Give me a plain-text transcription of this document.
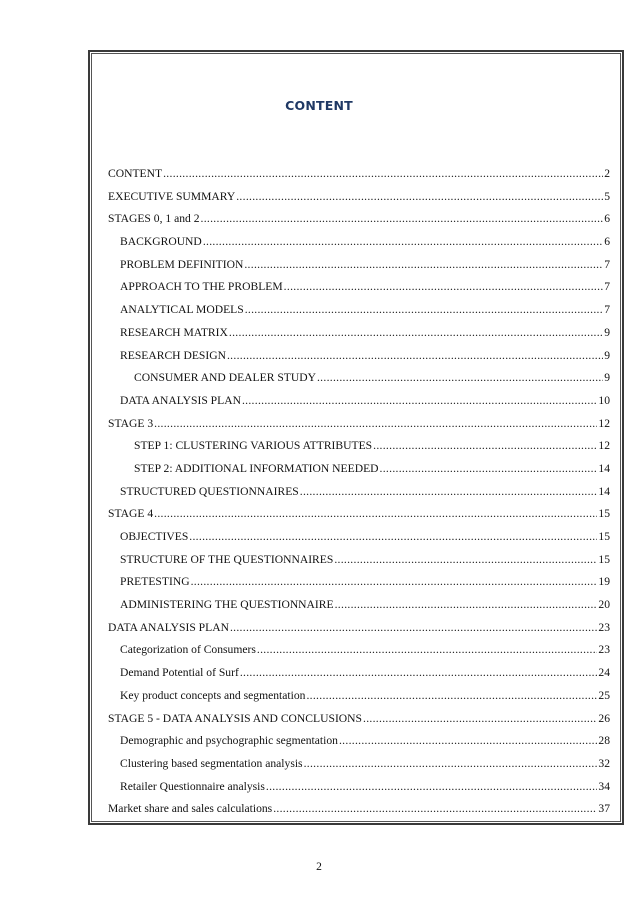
CONTENT
CONTENT .....	2
EXECUTIVE SUMMARY .....	5
STAGES 0, 1 and 2 .....	6
BACKGROUND .....	6
PROBLEM DEFINITION .....	7
APPROACH TO THE PROBLEM .....	7
ANALYTICAL MODELS .....	7
RESEARCH MATRIX .....	9
RESEARCH DESIGN .....	9
CONSUMER AND DEALER STUDY .....	9
DATA ANALYSIS PLAN .....	10
STAGE 3 .....	12
STEP 1: CLUSTERING VARIOUS ATTRIBUTES .....	12
STEP 2: ADDITIONAL INFORMATION NEEDED .....	14
STRUCTURED QUESTIONNAIRES .....	14
STAGE 4 .....	15
OBJECTIVES .....	15
STRUCTURE OF THE QUESTIONNAIRES .....	15
PRETESTING .....	19
ADMINISTERING THE QUESTIONNAIRE .....	20
DATA ANALYSIS PLAN .....	23
Categorization of Consumers .....	23
Demand Potential of Surf .....	24
Key product concepts and segmentation .....	25
STAGE 5 - DATA ANALYSIS AND CONCLUSIONS .....	26
Demographic and psychographic segmentation .....	28
Clustering based segmentation analysis .....	32
Retailer Questionnaire analysis .....	34
Market share and sales calculations .....	37
2
